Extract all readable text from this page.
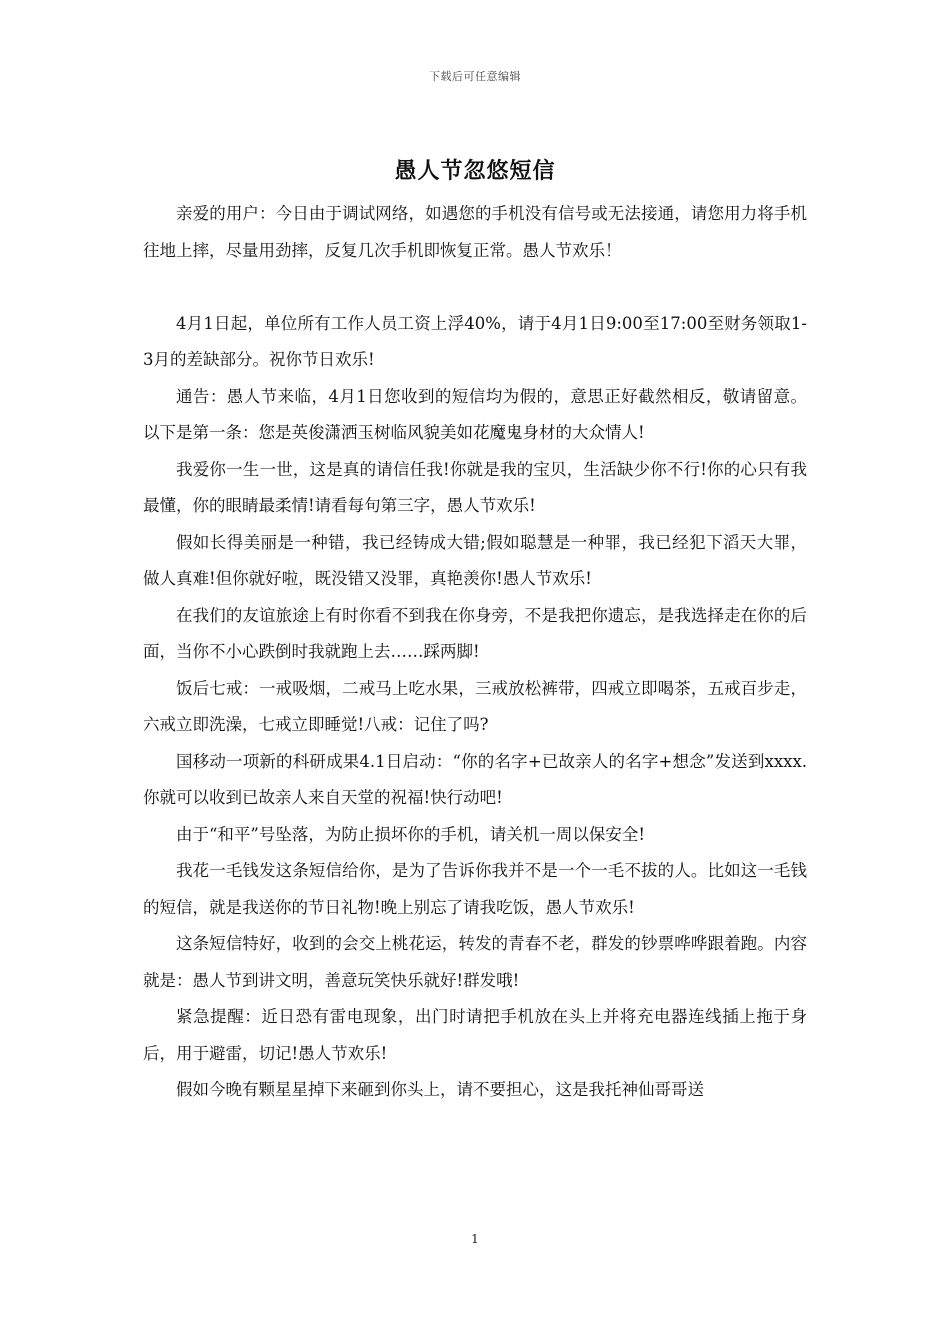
下载后可任意编辑
愚人节忽悠短信

亲爱的用户：今日由于调试网络，如遇您的手机没有信号或无法接通，请您用力将手机往地上摔，尽量用劲摔，反复几次手机即恢复正常。愚人节欢乐！

4月1日起，单位所有工作人员工资上浮40%，请于4月1日9:00至17:00至财务领取1-3月的差缺部分。祝你节日欢乐!

通告：愚人节来临，4月1日您收到的短信均为假的，意思正好截然相反，敬请留意。以下是第一条：您是英俊潇洒玉树临风貌美如花魔鬼身材的大众情人!

我爱你一生一世，这是真的请信任我!你就是我的宝贝，生活缺少你不行!你的心只有我最懂，你的眼睛最柔情!请看每句第三字，愚人节欢乐!

假如长得美丽是一种错，我已经铸成大错;假如聪慧是一种罪，我已经犯下滔天大罪，做人真难!但你就好啦，既没错又没罪，真艳羡你!愚人节欢乐!

在我们的友谊旅途上有时你看不到我在你身旁，不是我把你遗忘，是我选择走在你的后面，当你不小心跌倒时我就跑上去……踩两脚!

饭后七戒：一戒吸烟，二戒马上吃水果，三戒放松裤带，四戒立即喝茶，五戒百步走，六戒立即洗澡，七戒立即睡觉!八戒：记住了吗?

国移动一项新的科研成果4.1日启动：“你的名字+已故亲人的名字+想念”发送到xxxx.你就可以收到已故亲人来自天堂的祝福!快行动吧!

由于“和平”号坠落，为防止损坏你的手机，请关机一周以保安全!

我花一毛钱发这条短信给你，是为了告诉你我并不是一个一毛不拔的人。比如这一毛钱的短信，就是我送你的节日礼物!晚上别忘了请我吃饭，愚人节欢乐!

这条短信特好，收到的会交上桃花运，转发的青春不老，群发的钞票哗哗跟着跑。内容就是：愚人节到讲文明，善意玩笑快乐就好!群发哦!

紧急提醒：近日恐有雷电现象，出门时请把手机放在头上并将充电器连线插上拖于身后，用于避雷，切记!愚人节欢乐!

假如今晚有颗星星掉下来砸到你头上，请不要担心，这是我托神仙哥哥送

1
